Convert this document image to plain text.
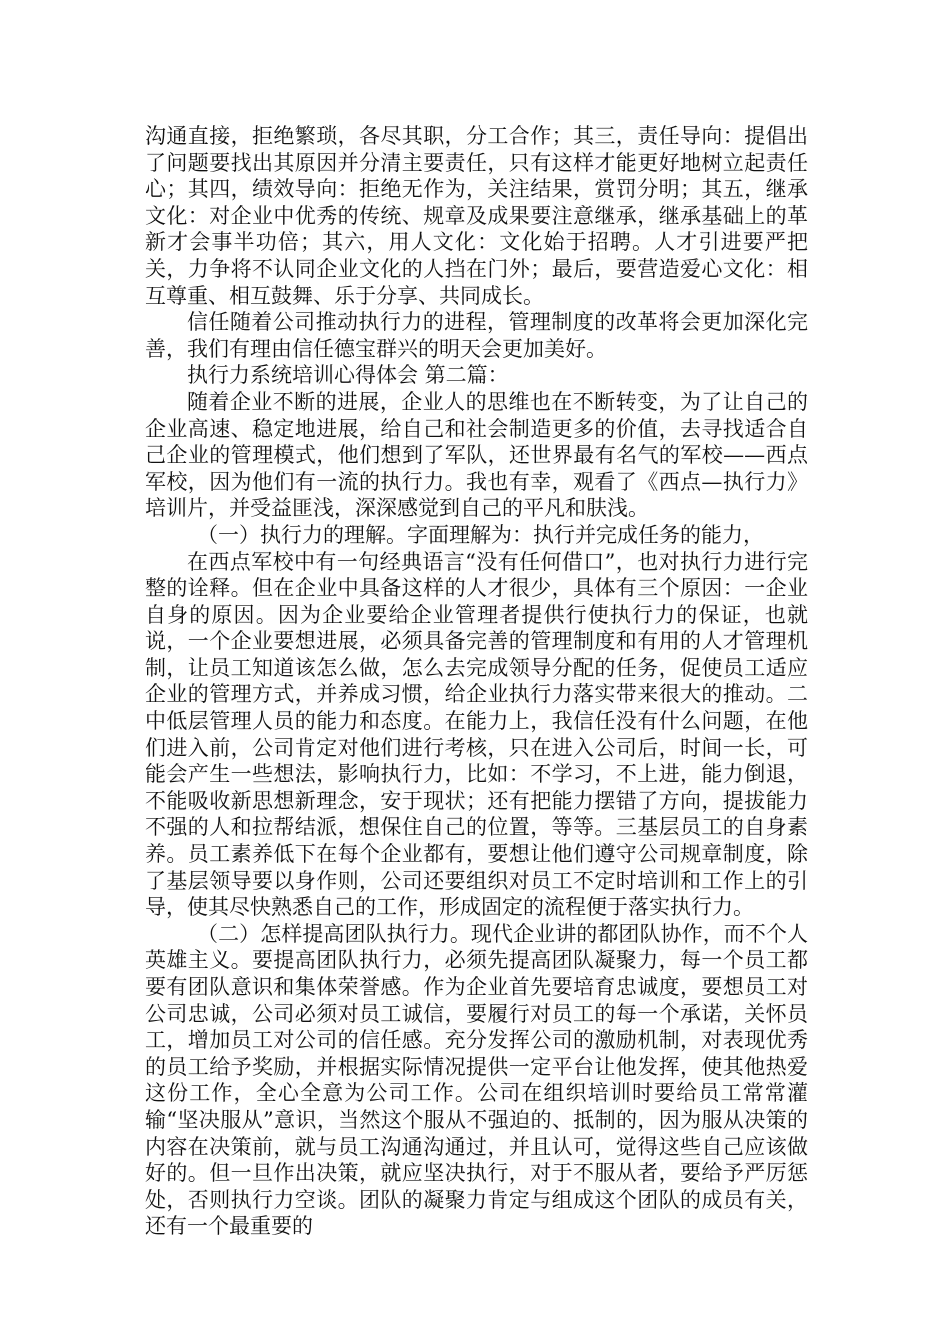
沟通直接，拒绝繁琐，各尽其职，分工合作；其三，责任导向：提倡出了问题要找出其原因并分清主要责任，只有这样才能更好地树立起责任心；其四，绩效导向：拒绝无作为，关注结果，赏罚分明；其五，继承文化：对企业中优秀的传统、规章及成果要注意继承，继承基础上的革新才会事半功倍；其六，用人文化：文化始于招聘。人才引进要严把关，力争将不认同企业文化的人挡在门外；最后，要营造爱心文化：相互尊重、相互鼓舞、乐于分享、共同成长。

信任随着公司推动执行力的进程，管理制度的改革将会更加深化完善，我们有理由信任德宝群兴的明天会更加美好。

执行力系统培训心得体会 第二篇：

随着企业不断的进展，企业人的思维也在不断转变，为了让自己的企业高速、稳定地进展，给自己和社会制造更多的价值，去寻找适合自己企业的管理模式，他们想到了军队，还世界最有名气的军校——西点军校，因为他们有一流的执行力。我也有幸，观看了《西点—执行力》培训片，并受益匪浅，深深感觉到自己的平凡和肤浅。

（一）执行力的理解。字面理解为：执行并完成任务的能力，

在西点军校中有一句经典语言“没有任何借口”，也对执行力进行完整的诠释。但在企业中具备这样的人才很少，具体有三个原因：一企业自身的原因。因为企业要给企业管理者提供行使执行力的保证，也就说，一个企业要想进展，必须具备完善的管理制度和有用的人才管理机制，让员工知道该怎么做，怎么去完成领导分配的任务，促使员工适应企业的管理方式，并养成习惯，给企业执行力落实带来很大的推动。二中低层管理人员的能力和态度。在能力上，我信任没有什么问题，在他们进入前，公司肯定对他们进行考核，只在进入公司后，时间一长，可能会产生一些想法，影响执行力，比如：不学习，不上进，能力倒退，不能吸收新思想新理念，安于现状；还有把能力摆错了方向，提拔能力不强的人和拉帮结派，想保住自己的位置，等等。三基层员工的自身素养。员工素养低下在每个企业都有，要想让他们遵守公司规章制度，除了基层领导要以身作则，公司还要组织对员工不定时培训和工作上的引导，使其尽快熟悉自己的工作，形成固定的流程便于落实执行力。

（二）怎样提高团队执行力。现代企业讲的都团队协作，而不个人英雄主义。要提高团队执行力，必须先提高团队凝聚力，每一个员工都要有团队意识和集体荣誉感。作为企业首先要培育忠诚度，要想员工对公司忠诚，公司必须对员工诚信，要履行对员工的每一个承诺，关怀员工，增加员工对公司的信任感。充分发挥公司的激励机制，对表现优秀的员工给予奖励，并根据实际情况提供一定平台让他发挥，使其他热爱这份工作，全心全意为公司工作。公司在组织培训时要给员工常常灌输“坚决服从”意识，当然这个服从不强迫的、抵制的，因为服从决策的内容在决策前，就与员工沟通沟通过，并且认可，觉得这些自己应该做好的。但一旦作出决策，就应坚决执行，对于不服从者，要给予严厉惩处，否则执行力空谈。团队的凝聚力肯定与组成这个团队的成员有关，还有一个最重要的
